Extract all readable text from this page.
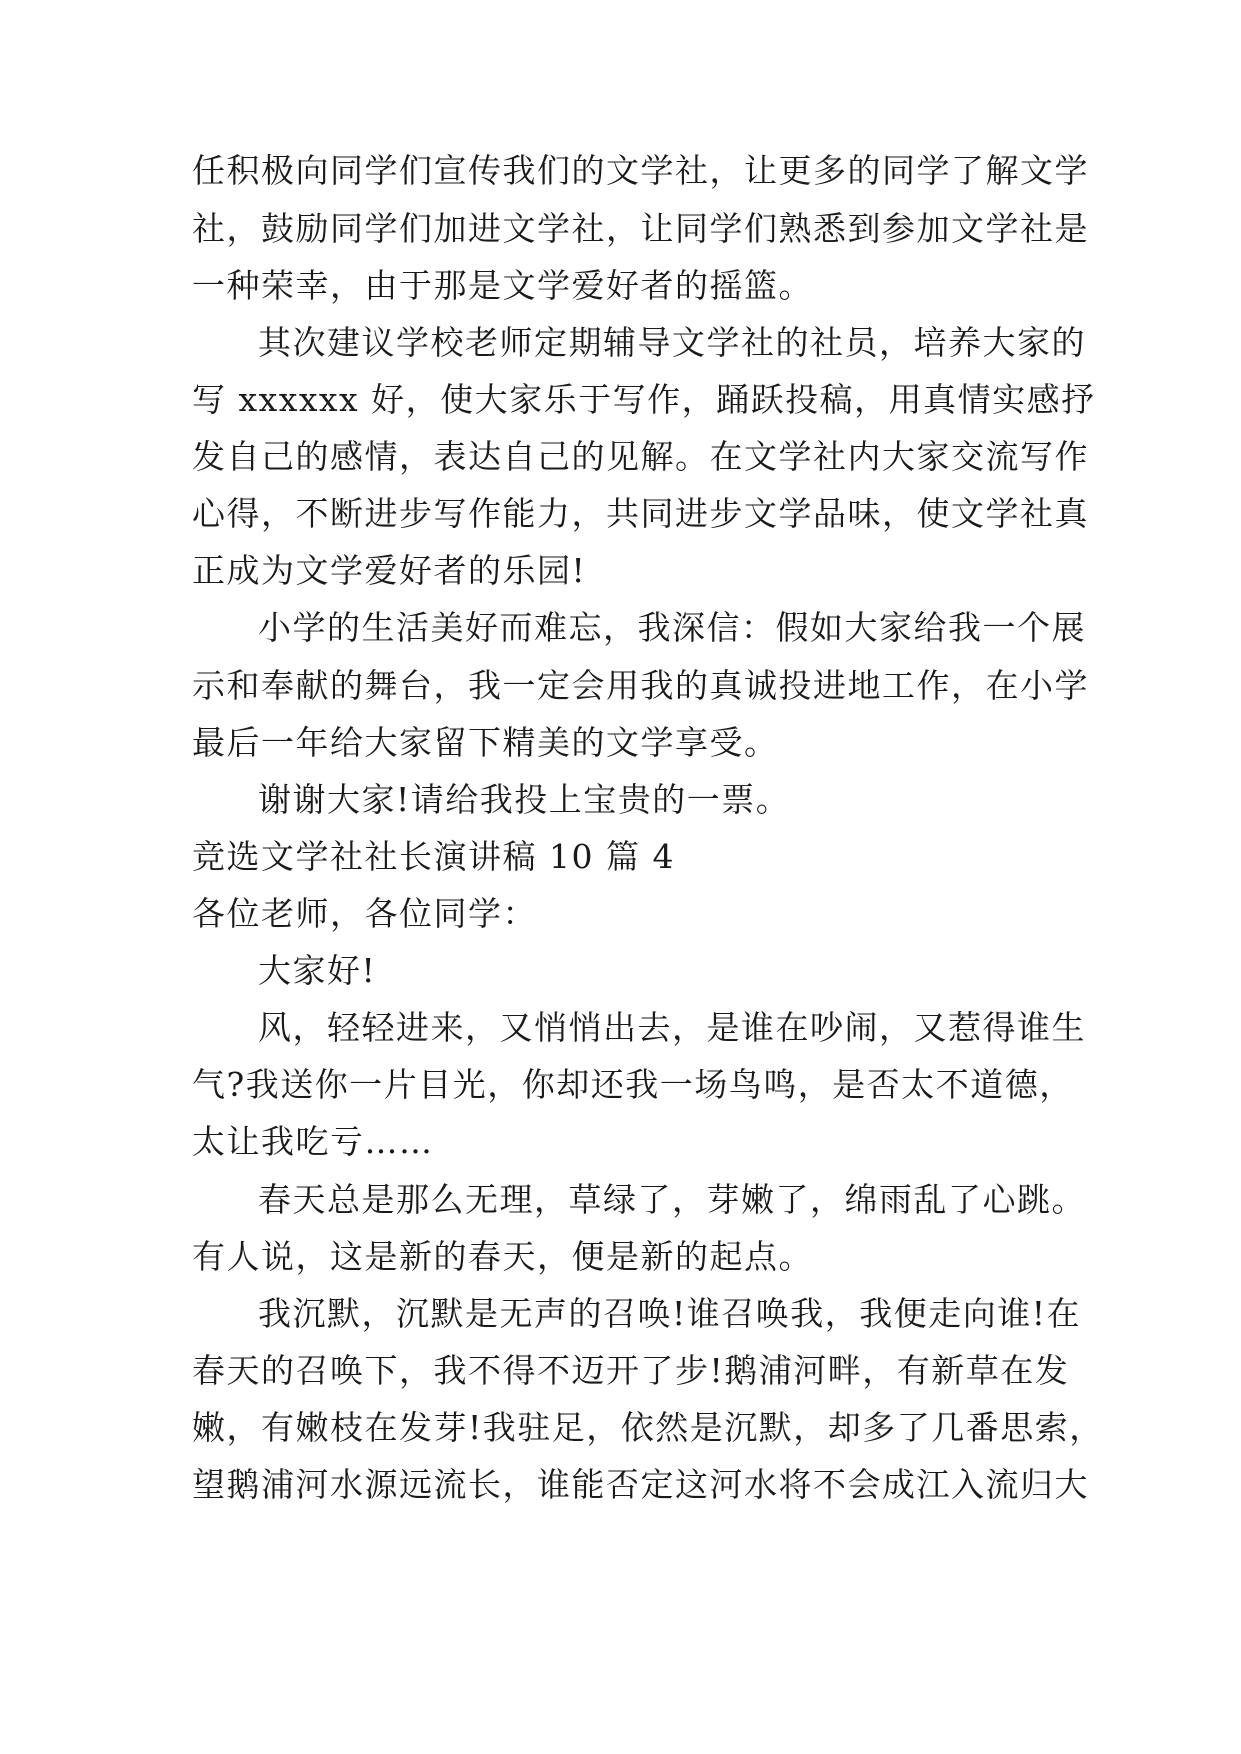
任积极向同学们宣传我们的文学社，让更多的同学了解文学

社，鼓励同学们加进文学社，让同学们熟悉到参加文学社是

一种荣幸，由于那是文学爱好者的摇篮。

其次建议学校老师定期辅导文学社的社员，培养大家的

写 xxxxxx 好，使大家乐于写作，踊跃投稿，用真情实感抒

发自己的感情，表达自己的见解。在文学社内大家交流写作

心得，不断进步写作能力，共同进步文学品味，使文学社真

正成为文学爱好者的乐园!

小学的生活美好而难忘，我深信：假如大家给我一个展

示和奉献的舞台，我一定会用我的真诚投进地工作，在小学

最后一年给大家留下精美的文学享受。

谢谢大家!请给我投上宝贵的一票。

竞选文学社社长演讲稿 10 篇 4

各位老师，各位同学：

大家好!

风，轻轻进来，又悄悄出去，是谁在吵闹，又惹得谁生

气?我送你一片目光，你却还我一场鸟鸣，是否太不道德，

太让我吃亏……

春天总是那么无理，草绿了，芽嫩了，绵雨乱了心跳。

有人说，这是新的春天，便是新的起点。

我沉默，沉默是无声的召唤!谁召唤我，我便走向谁!在

春天的召唤下，我不得不迈开了步!鹅浦河畔，有新草在发

嫩，有嫩枝在发芽!我驻足，依然是沉默，却多了几番思索，

望鹅浦河水源远流长，谁能否定这河水将不会成江入流归大
